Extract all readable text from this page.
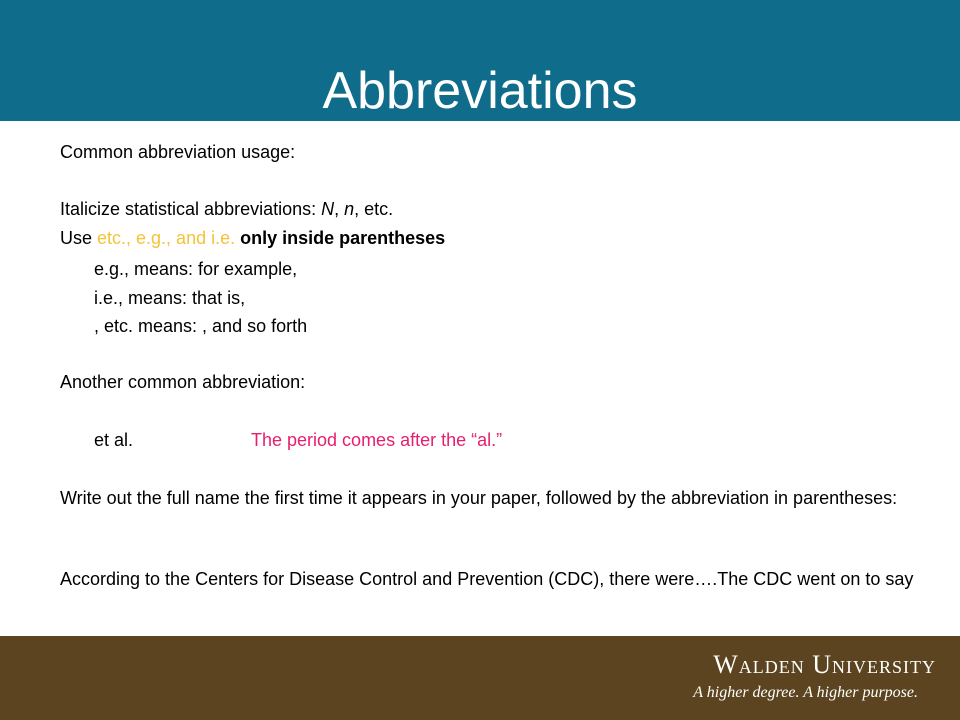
Abbreviations
Common abbreviation usage:
Italicize statistical abbreviations: N, n, etc.
Use etc., e.g., and i.e. only inside parentheses
e.g., means: for example,
i.e., means: that is,
, etc. means: , and so forth
Another common abbreviation:
et al.	The period comes after the “al.”
Write out the full name the first time it appears in your paper, followed by the abbreviation in parentheses:
According to the Centers for Disease Control and Prevention (CDC), there were….The CDC went on to say
Walden University
A higher degree. A higher purpose.
